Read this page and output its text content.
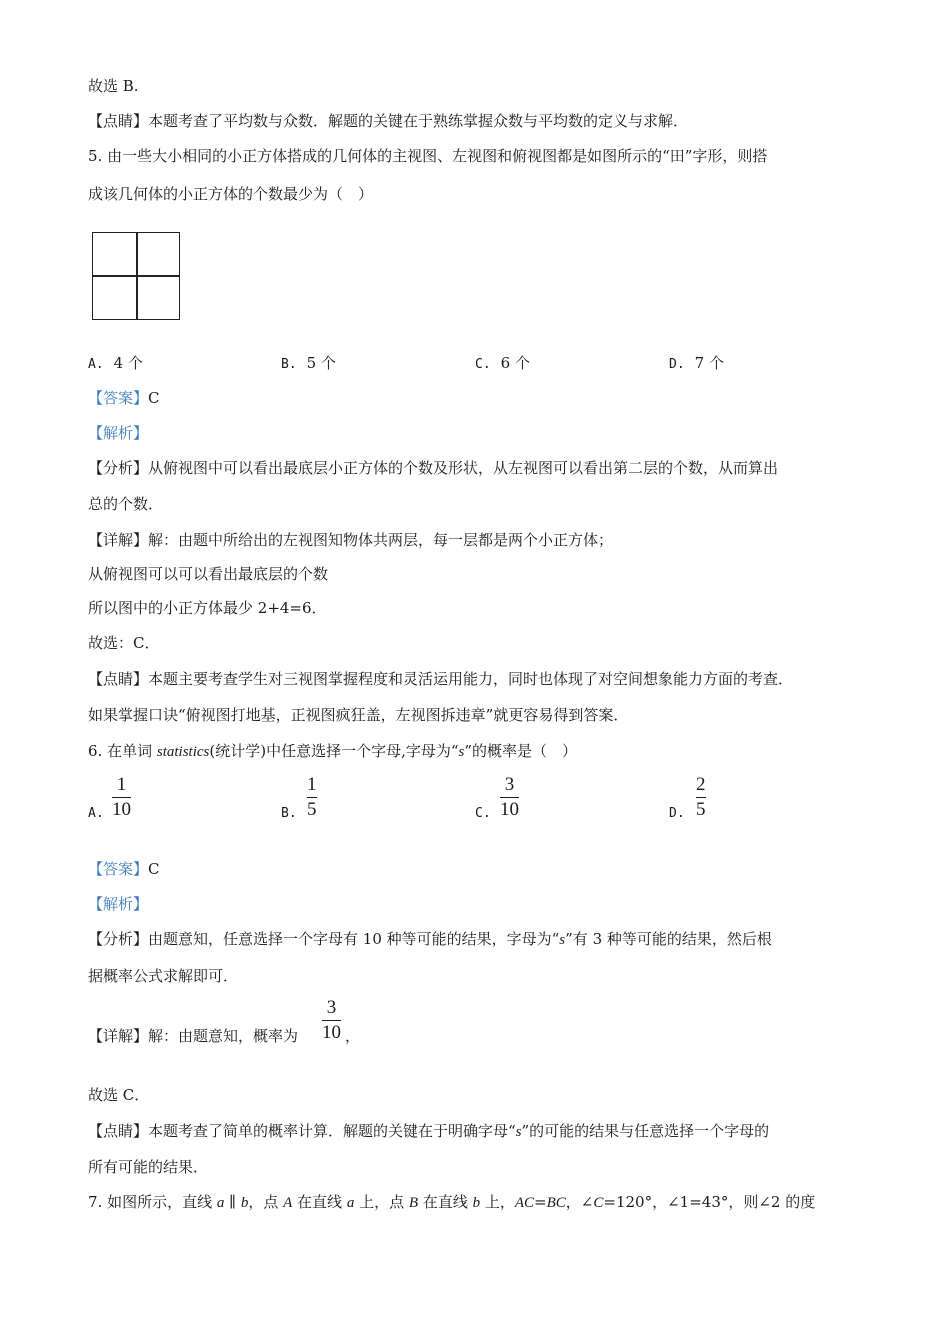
故选 B.
【点睛】本题考查了平均数与众数．解题的关键在于熟练掌握众数与平均数的定义与求解．
5. 由一些大小相同的小正方体搭成的几何体的主视图、左视图和俯视图都是如图所示的“田”字形，则搭
成该几何体的小正方体的个数最少为（　）
A. 4 个	B. 5 个	C. 6 个	D. 7 个
【答案】C
【解析】
【分析】从俯视图中可以看出最底层小正方体的个数及形状，从左视图可以看出第二层的个数，从而算出
总的个数．
【详解】解：由题中所给出的左视图知物体共两层，每一层都是两个小正方体；
从俯视图可以可以看出最底层的个数
所以图中的小正方体最少 2+4=6．
故选：C．
【点睛】本题主要考查学生对三视图掌握程度和灵活运用能力，同时也体现了对空间想象能力方面的考查．
如果掌握口诀“俯视图打地基，正视图疯狂盖，左视图拆违章”就更容易得到答案．
6. 在单词 statistics(统计学)中任意选择一个字母,字母为“s”的概率是（　）
A.
1
10	B.
1
5	C.
3
10	D.
2
5
【答案】C
【解析】
【分析】由题意知，任意选择一个字母有 10 种等可能的结果，字母为“s”有 3 种等可能的结果，然后根
据概率公式求解即可．
【详解】解：由题意知，概率为
3
10 ，
故选 C．
【点睛】本题考查了简单的概率计算．解题的关键在于明确字母“s”的可能的结果与任意选择一个字母的
所有可能的结果．
7. 如图所示，直线 a ∥ b，点 A 在直线 a 上，点 B 在直线 b 上，AC=BC，∠C=120°，∠1=43°，则∠2 的度
